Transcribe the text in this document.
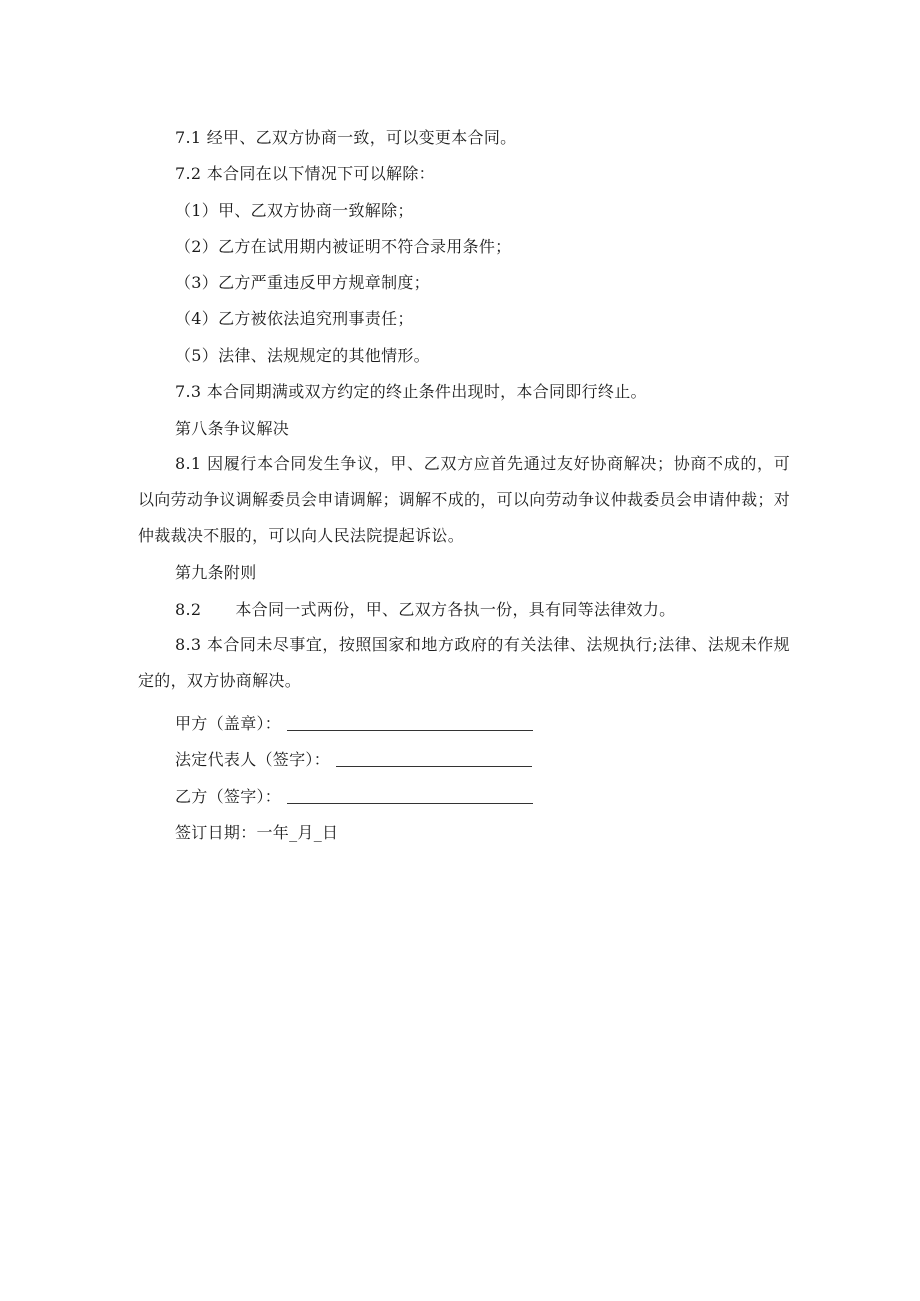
7.1 经甲、乙双方协商一致，可以变更本合同。
7.2 本合同在以下情况下可以解除：
（1）甲、乙双方协商一致解除；
（2）乙方在试用期内被证明不符合录用条件；
（3）乙方严重违反甲方规章制度；
（4）乙方被依法追究刑事责任；
（5）法律、法规规定的其他情形。
7.3 本合同期满或双方约定的终止条件出现时，本合同即行终止。
第八条争议解决
8.1 因履行本合同发生争议，甲、乙双方应首先通过友好协商解决；协商不成的，可以向劳动争议调解委员会申请调解；调解不成的，可以向劳动争议仲裁委员会申请仲裁；对仲裁裁决不服的，可以向人民法院提起诉讼。
第九条附则
8.2 本合同一式两份，甲、乙双方各执一份，具有同等法律效力。
8.3 本合同未尽事宜，按照国家和地方政府的有关法律、法规执行;法律、法规未作规定的，双方协商解决。
甲方（盖章）：
法定代表人（签字）：
乙方（签字）：
签订日期：一年_月_日
